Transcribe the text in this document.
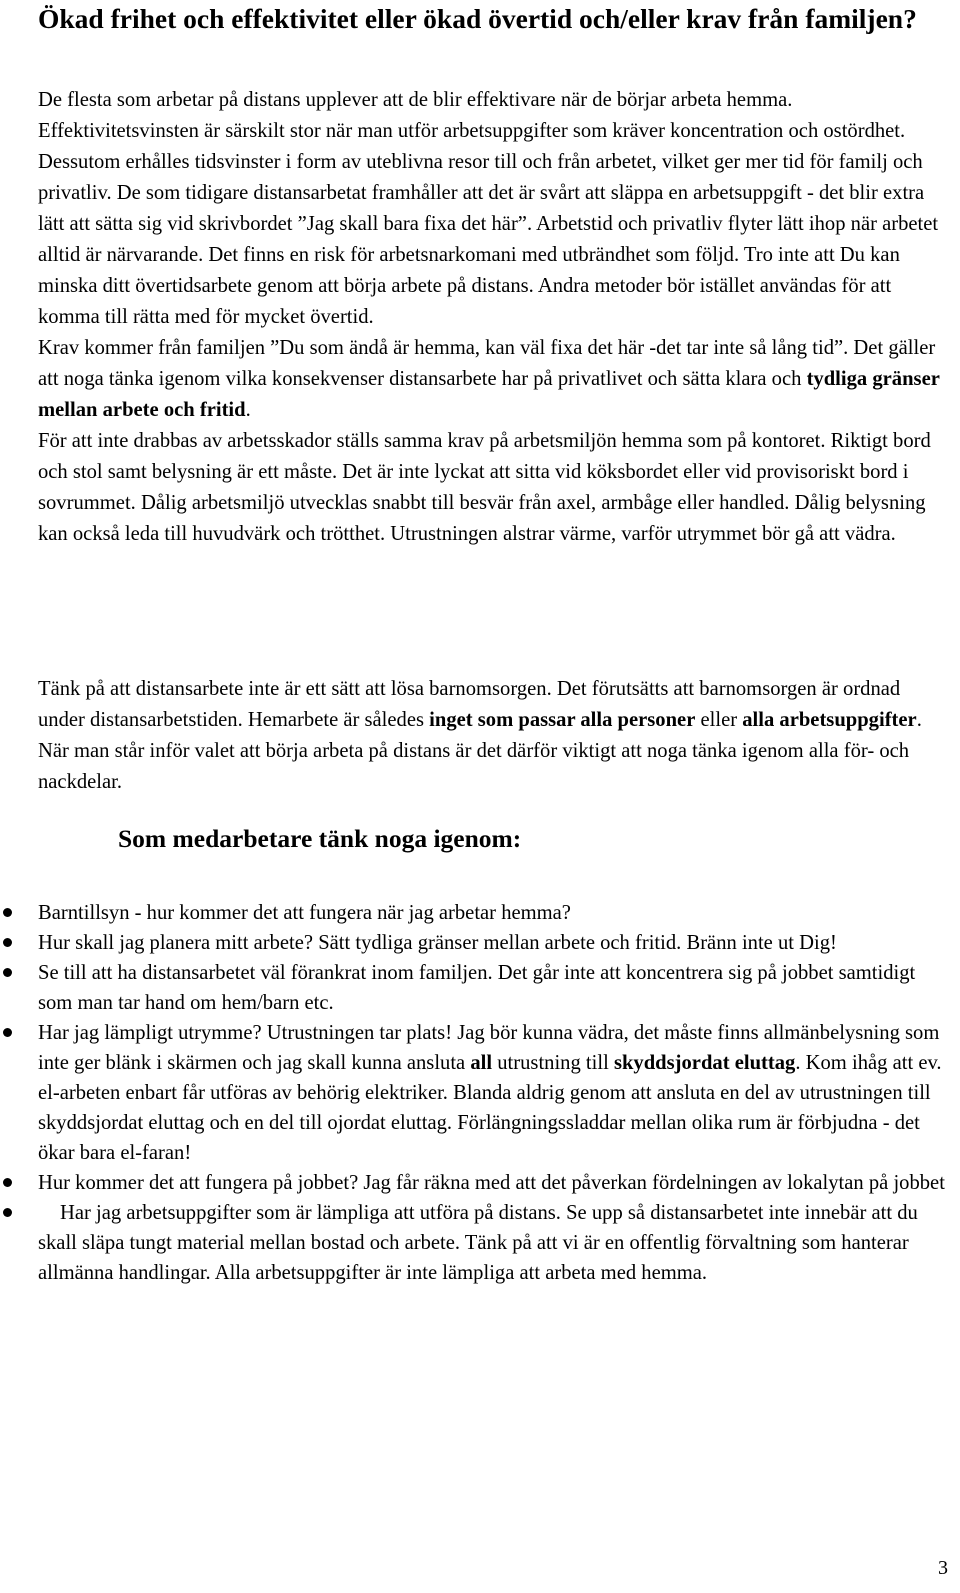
Ökad frihet och effektivitet eller ökad övertid och/eller krav från familjen?

De flesta som arbetar på distans upplever att de blir effektivare när de börjar arbeta hemma. Effektivitetsvinsten är särskilt stor när man utför arbetsuppgifter som kräver koncentration och ostördhet. Dessutom erhålles tidsvinster i form av uteblivna resor till och från arbetet, vilket ger mer tid för familj och privatliv. De som tidigare distansarbetat framhåller att det är svårt att släppa en arbetsuppgift - det blir extra lätt att sätta sig vid skrivbordet ”Jag skall bara fixa det här”. Arbetstid och privatliv flyter lätt ihop när arbetet alltid är närvarande. Det finns en risk för arbetsnarkomani med utbrändhet som följd. Tro inte att Du kan minska ditt övertidsarbete genom att börja arbete på distans. Andra metoder bör istället användas för att komma till rätta med för mycket övertid.

Krav kommer från familjen ”Du som ändå är hemma, kan väl fixa det här -det tar inte så lång tid”. Det gäller att noga tänka igenom vilka konsekvenser distansarbete har på privatlivet och sätta klara och tydliga gränser mellan arbete och fritid.

För att inte drabbas av arbetsskador ställs samma krav på arbetsmiljön hemma som på kontoret. Riktigt bord och stol samt belysning är ett måste. Det är inte lyckat att sitta vid köksbordet eller vid provisoriskt bord i sovrummet. Dålig arbetsmiljö utvecklas snabbt till besvär från axel, armbåge eller handled. Dålig belysning kan också leda till huvudvärk och trötthet. Utrustningen alstrar värme, varför utrymmet bör gå att vädra.

Tänk på att distansarbete inte är ett sätt att lösa barnomsorgen. Det förutsätts att barnomsorgen är ordnad under distansarbetstiden. Hemarbete är således inget som passar alla personer eller alla arbetsuppgifter. När man står inför valet att börja arbeta på distans är det därför viktigt att noga tänka igenom alla för- och nackdelar.

Som medarbetare tänk noga igenom:
Barntillsyn - hur kommer det att fungera när jag arbetar hemma?
Hur skall jag planera mitt arbete? Sätt tydliga gränser mellan arbete och fritid. Bränn inte ut Dig!
Se till att ha distansarbetet väl förankrat inom familjen. Det går inte att koncentrera sig på jobbet samtidigt som man tar hand om hem/barn etc.
Har jag lämpligt utrymme? Utrustningen tar plats! Jag bör kunna vädra, det måste finns allmänbelysning som inte ger blänk i skärmen och jag skall kunna ansluta all utrustning till skyddsjordat eluttag. Kom ihåg att ev. el-arbeten enbart får utföras av behörig elektriker. Blanda aldrig genom att ansluta en del av utrustningen till skyddsjordat eluttag och en del till ojordat eluttag. Förlängningssladdar mellan olika rum är förbjudna - det ökar bara el-faran!
Hur kommer det att fungera på jobbet? Jag får räkna med att det påverkan fördelningen av lokalytan på jobbet
Har jag arbetsuppgifter som är lämpliga att utföra på distans. Se upp så distansarbetet inte innebär att du skall släpa tungt material mellan bostad och arbete. Tänk på att vi är en offentlig förvaltning som hanterar allmänna handlingar. Alla arbetsuppgifter är inte lämpliga att arbeta med hemma.
3
